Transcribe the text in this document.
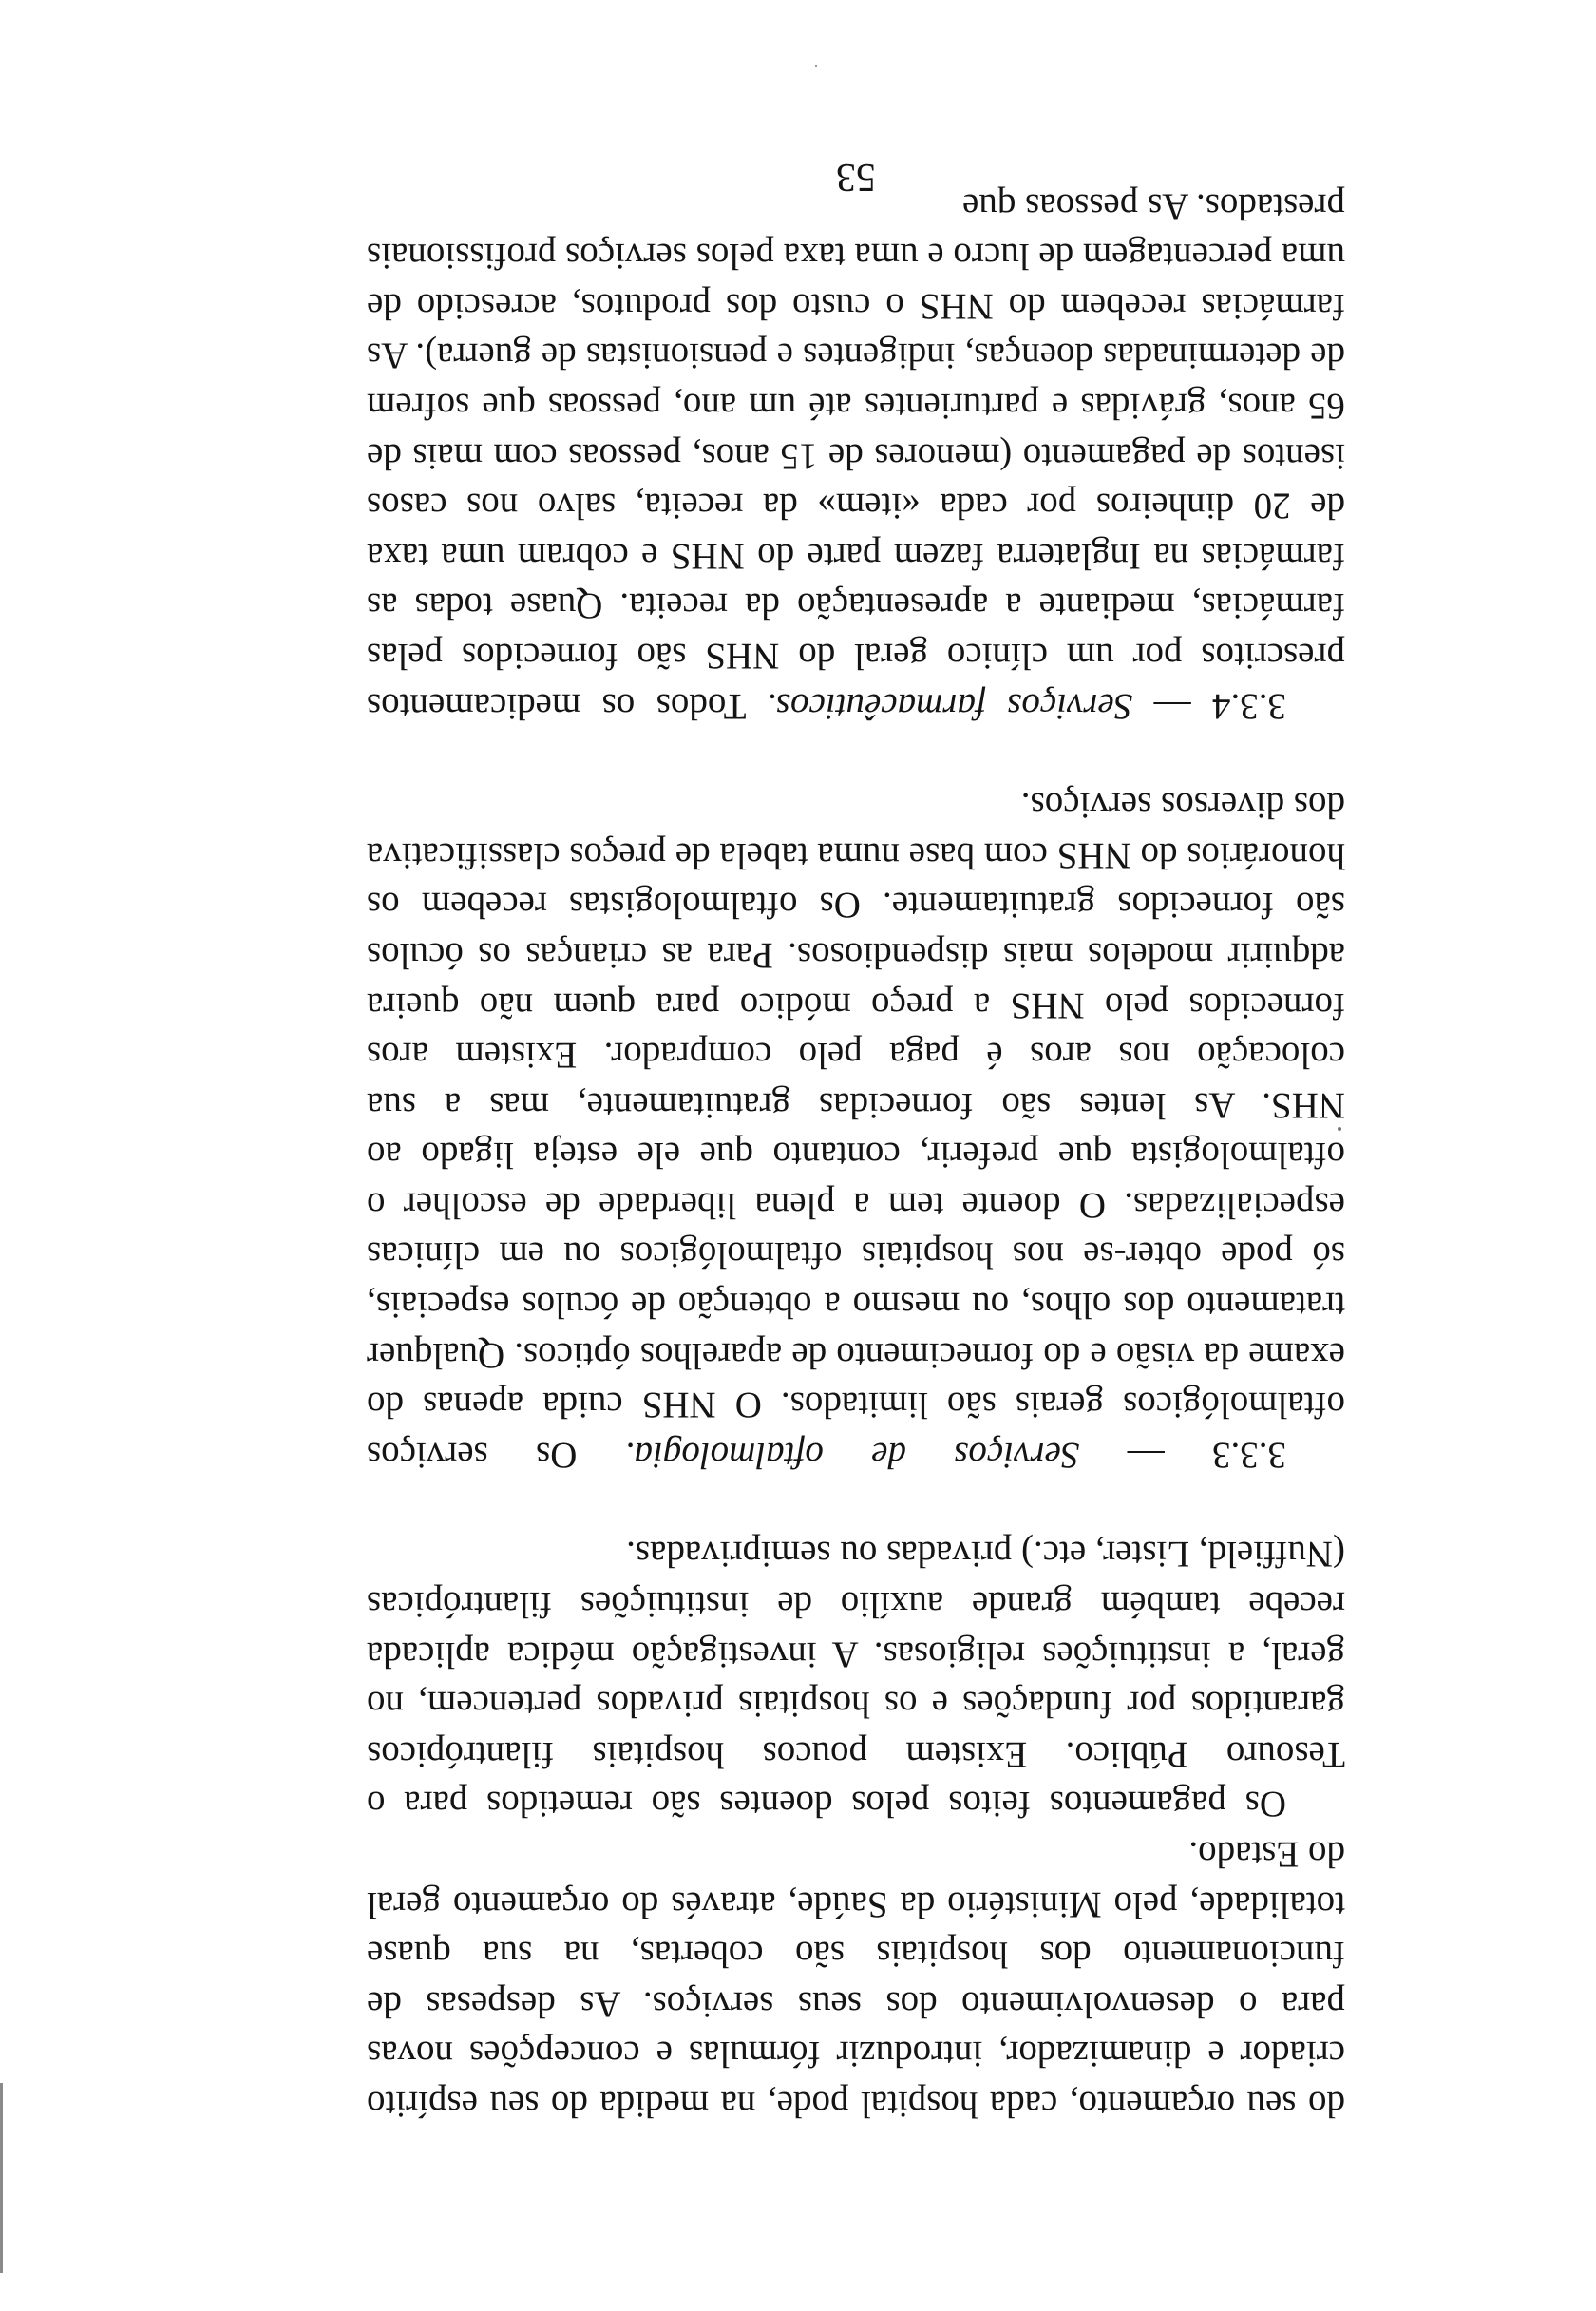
do seu orçamento, cada hospital pode, na medida do seu espírito criador e dinamizador, introduzir fórmulas e concepções novas para o desenvolvimento dos seus serviços. As despesas de funcionamento dos hospitais são cobertas, na sua quase totalidade, pelo Ministério da Saúde, através do orçamento geral do Estado.

Os pagamentos feitos pelos doentes são remetidos para o Tesouro Público. Existem poucos hospitais filantrópicos garantidos por fundações e os hospitais privados pertencem, no geral, a instituições religiosas. A investigação médica aplicada recebe também grande auxílio de instituições filantrópicas (Nuffield, Lister, etc.) privadas ou semiprivadas.

3.3.3 — Serviços de oftalmologia. Os serviços oftalmológicos gerais são limitados. O NHS cuida apenas do exame da visão e do fornecimento de aparelhos ópticos. Qualquer tratamento dos olhos, ou mesmo a obtenção de óculos especiais, só pode obter-se nos hospitais oftalmológicos ou em clínicas especializadas. O doente tem a plena liberdade de escolher o oftalmologista que preferir, contanto que ele esteja ligado ao NHS. As lentes são fornecidas gratuitamente, mas a sua colocação nos aros é paga pelo comprador. Existem aros fornecidos pelo NHS a preço módico para quem não queira adquirir modelos mais dispendiosos. Para as crianças os óculos são fornecidos gratuitamente. Os oftalmologistas recebem os honorários do NHS com base numa tabela de preços classificativa dos diversos serviços.

3.3.4 — Serviços farmacêuticos. Todos os medicamentos prescritos por um clínico geral do NHS são fornecidos pelas farmácias, mediante a apresentação da receita. Quase todas as farmácias na Inglaterra fazem parte do NHS e cobram uma taxa de 20 dinheiros por cada «item» da receita, salvo nos casos isentos de pagamento (menores de 15 anos, pessoas com mais de 65 anos, grávidas e parturientes até um ano, pessoas que sofrem de determinadas doenças, indigentes e pensionistas de guerra). As farmácias recebem do NHS o custo dos produtos, acrescido de uma percentagem de lucro e uma taxa pelos serviços profissionais prestados. As pessoas que

53
